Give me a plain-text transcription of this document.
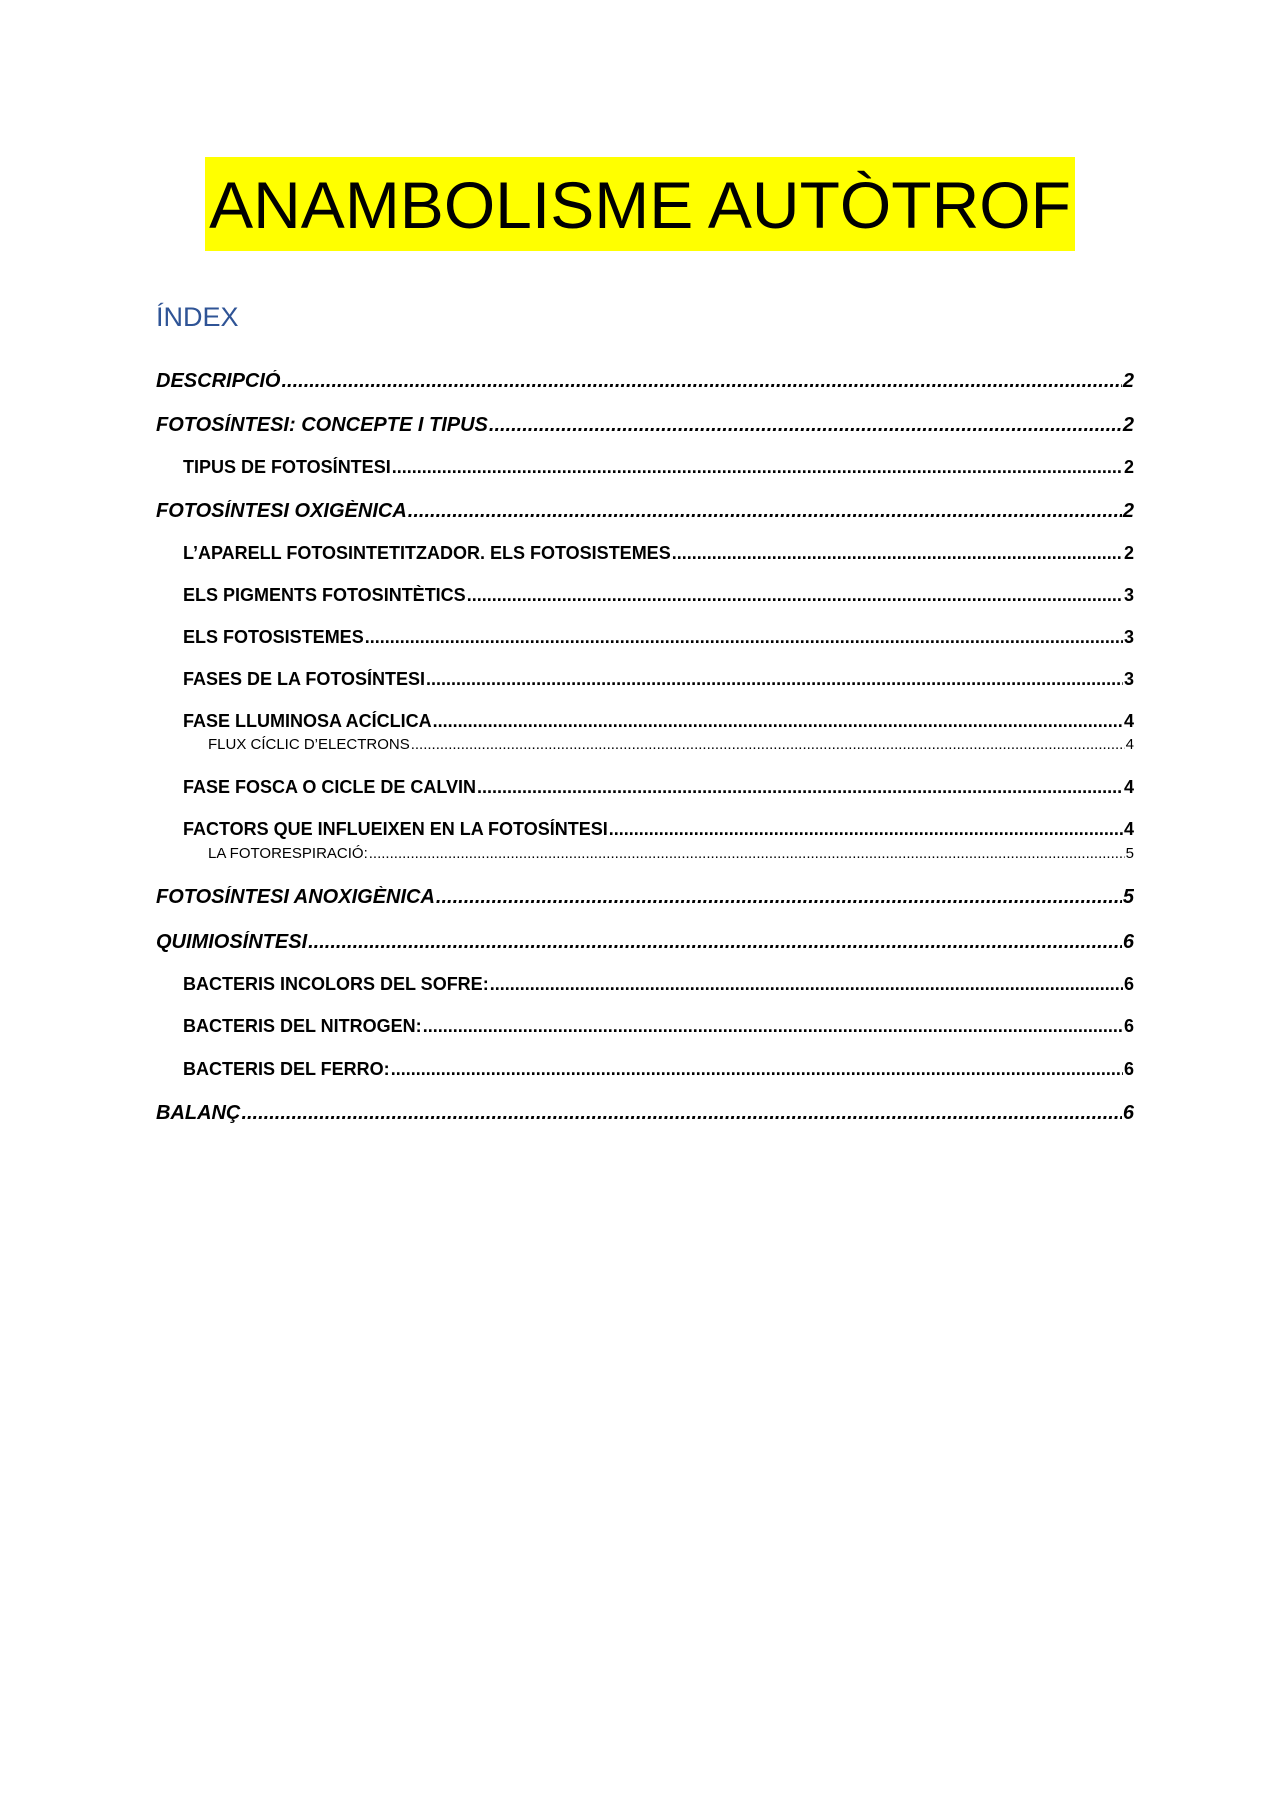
ANAMBOLISME AUTÒTROF
ÍNDEX
DESCRIPCIÓ .....	2
FOTOSÍNTESI: CONCEPTE I TIPUS .....	2
TIPUS DE FOTOSÍNTESI .....	2
FOTOSÍNTESI OXIGÈNICA .....	2
L’APARELL FOTOSINTETITZADOR. ELS FOTOSISTEMES .....	2
ELS PIGMENTS FOTOSINTÈTICS .....	3
ELS FOTOSISTEMES .....	3
FASES DE LA FOTOSÍNTESI .....	3
FASE LLUMINOSA ACÍCLICA .....	4
FLUX CÍCLIC D’ELECTRONS .....	4
FASE FOSCA O CICLE DE CALVIN .....	4
FACTORS QUE INFLUEIXEN EN LA FOTOSÍNTESI .....	4
LA FOTORESPIRACIÓ: .....	5
FOTOSÍNTESI ANOXIGÈNICA .....	5
QUIMIOSÍNTESI .....	6
BACTERIS INCOLORS DEL SOFRE: .....	6
BACTERIS DEL NITROGEN: .....	6
BACTERIS DEL FERRO: .....	6
BALANÇ .....	6
